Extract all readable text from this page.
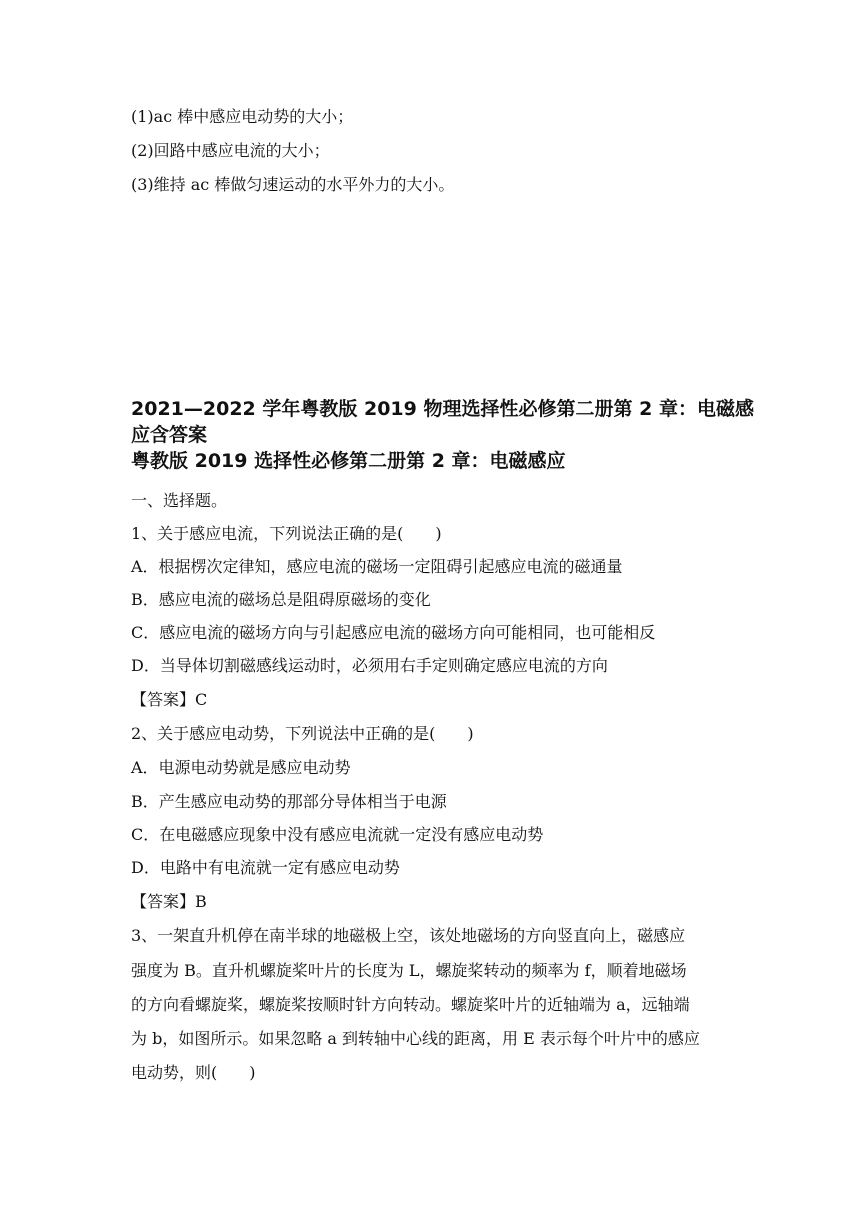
(1)ac 棒中感应电动势的大小；
(2)回路中感应电流的大小；
(3)维持 ac 棒做匀速运动的水平外力的大小。
2021—2022 学年粤教版 2019 物理选择性必修第二册第 2 章：电磁感
应含答案
粤教版 2019 选择性必修第二册第 2 章：电磁感应
一、选择题。
1、关于感应电流，下列说法正确的是(　　)
A．根据楞次定律知，感应电流的磁场一定阻碍引起感应电流的磁通量
B．感应电流的磁场总是阻碍原磁场的变化
C．感应电流的磁场方向与引起感应电流的磁场方向可能相同，也可能相反
D．当导体切割磁感线运动时，必须用右手定则确定感应电流的方向
【答案】C
2、关于感应电动势，下列说法中正确的是(　　)
A．电源电动势就是感应电动势
B．产生感应电动势的那部分导体相当于电源
C．在电磁感应现象中没有感应电流就一定没有感应电动势
D．电路中有电流就一定有感应电动势
【答案】B
3、一架直升机停在南半球的地磁极上空，该处地磁场的方向竖直向上，磁感应
强度为 B。直升机螺旋桨叶片的长度为 L，螺旋桨转动的频率为 f，顺着地磁场
的方向看螺旋桨，螺旋桨按顺时针方向转动。螺旋桨叶片的近轴端为 a，远轴端
为 b，如图所示。如果忽略 a 到转轴中心线的距离，用 E 表示每个叶片中的感应
电动势，则(　　)
